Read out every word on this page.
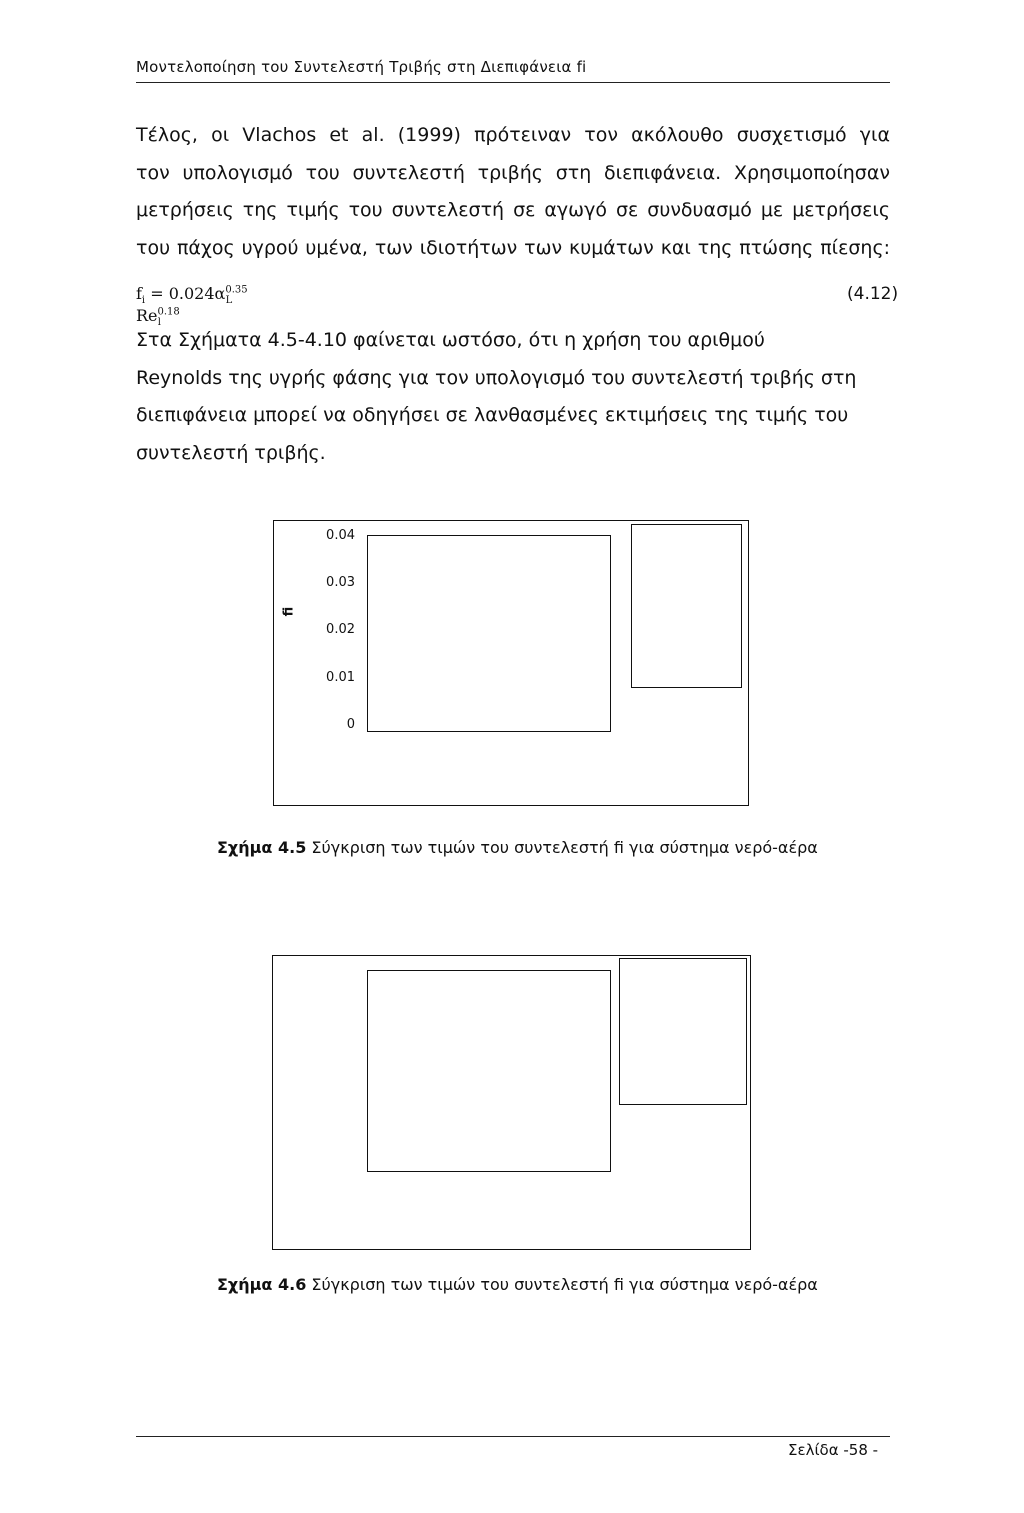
Μοντελοποίηση του Συντελεστή Τριβής στη Διεπιφάνεια fi
Τέλος, οι Vlachos et al. (1999) πρότειναν τον ακόλουθο συσχετισμό για
τον υπολογισμό του συντελεστή τριβής στη διεπιφάνεια. Χρησιμοποίησαν
μετρήσεις της τιμής του συντελεστή σε αγωγό σε συνδυασμό με μετρήσεις
του πάχος υγρού υμένα, των ιδιοτήτων των κυμάτων και της πτώσης πίεσης:
$f_i = 0.024\alpha^{0.35}_L$ $Re^{0.18}_l$
(4.12)
Στα Σχήματα 4.5-4.10 φαίνεται ωστόσο, ότι η χρήση του αριθμού
Reynolds της υγρής φάσης για τον υπολογισμό του συντελεστή τριβής στη
διεπιφάνεια μπορεί να οδηγήσει σε λανθασμένες εκτιμήσεις της τιμής του
συντελεστή τριβής.
fi
0.04
0.03
0.02
0.01
0
Σχήμα 4.5 Σύγκριση των τιμών του συντελεστή fi για σύστημα νερό-αέρα
Σχήμα 4.6 Σύγκριση των τιμών του συντελεστή fi για σύστημα νερό-αέρα
Σελίδα -58 -
